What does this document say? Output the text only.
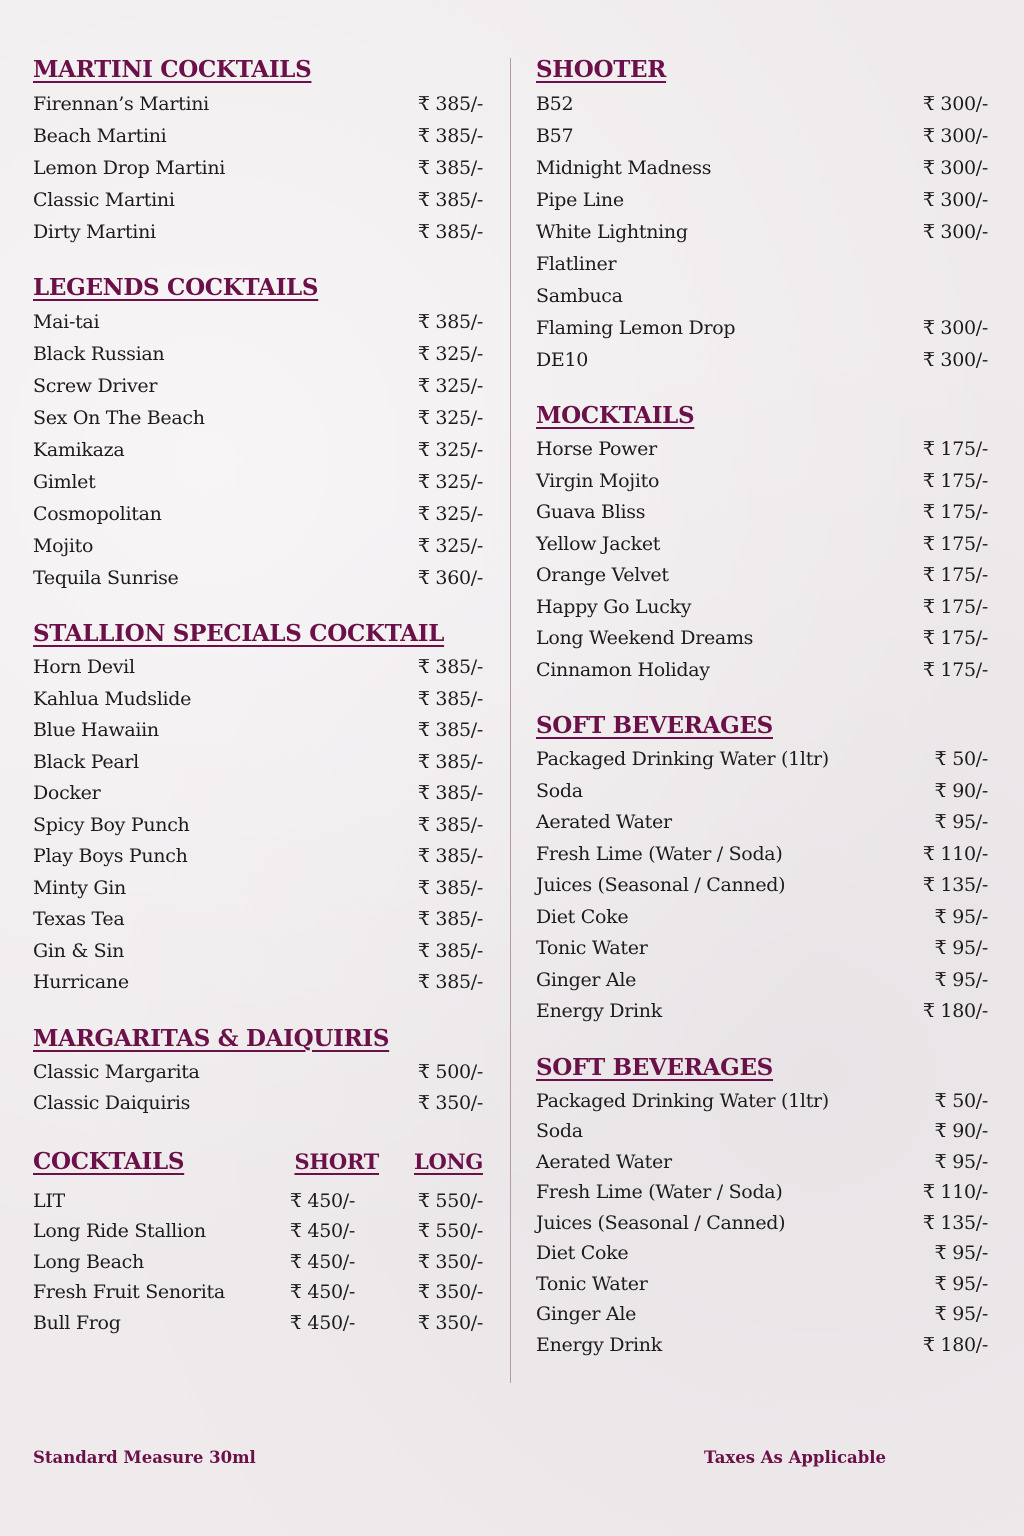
MARTINI COCKTAILS
Firennan’s Martini	₹ 385/-
Beach Martini	₹ 385/-
Lemon Drop Martini	₹ 385/-
Classic Martini	₹ 385/-
Dirty Martini	₹ 385/-
LEGENDS COCKTAILS
Mai-tai	₹ 385/-
Black Russian	₹ 325/-
Screw Driver	₹ 325/-
Sex On The Beach	₹ 325/-
Kamikaza	₹ 325/-
Gimlet	₹ 325/-
Cosmopolitan	₹ 325/-
Mojito	₹ 325/-
Tequila Sunrise	₹ 360/-
STALLION SPECIALS COCKTAIL
Horn Devil	₹ 385/-
Kahlua Mudslide	₹ 385/-
Blue Hawaiin	₹ 385/-
Black Pearl	₹ 385/-
Docker	₹ 385/-
Spicy Boy Punch	₹ 385/-
Play Boys Punch	₹ 385/-
Minty Gin	₹ 385/-
Texas Tea	₹ 385/-
Gin & Sin	₹ 385/-
Hurricane	₹ 385/-
MARGARITAS & DAIQUIRIS
Classic Margarita	₹ 500/-
Classic Daiquiris	₹ 350/-
COCKTAILS	SHORT LONG
LIT	₹ 450/-	₹ 550/-
Long Ride Stallion	₹ 450/-	₹ 550/-
Long Beach	₹ 450/-	₹ 350/-
Fresh Fruit Senorita	₹ 450/-	₹ 350/-
Bull Frog	₹ 450/-	₹ 350/-
SHOOTER
B52	₹ 300/-
B57	₹ 300/-
Midnight Madness	₹ 300/-
Pipe Line	₹ 300/-
White Lightning	₹ 300/-
Flatliner
Sambuca
Flaming Lemon Drop	₹ 300/-
DE10	₹ 300/-
MOCKTAILS
Horse Power	₹ 175/-
Virgin Mojito	₹ 175/-
Guava Bliss	₹ 175/-
Yellow Jacket	₹ 175/-
Orange Velvet	₹ 175/-
Happy Go Lucky	₹ 175/-
Long Weekend Dreams	₹ 175/-
Cinnamon Holiday	₹ 175/-
SOFT BEVERAGES
Packaged Drinking Water (1ltr)	₹ 50/-
Soda	₹ 90/-
Aerated Water	₹ 95/-
Fresh Lime (Water / Soda)	₹ 110/-
Juices (Seasonal / Canned)	₹ 135/-
Diet Coke	₹ 95/-
Tonic Water	₹ 95/-
Ginger Ale	₹ 95/-
Energy Drink	₹ 180/-
SOFT BEVERAGES
Packaged Drinking Water (1ltr)	₹ 50/-
Soda	₹ 90/-
Aerated Water	₹ 95/-
Fresh Lime (Water / Soda)	₹ 110/-
Juices (Seasonal / Canned)	₹ 135/-
Diet Coke	₹ 95/-
Tonic Water	₹ 95/-
Ginger Ale	₹ 95/-
Energy Drink	₹ 180/-
Standard Measure 30ml	Taxes As Applicable
